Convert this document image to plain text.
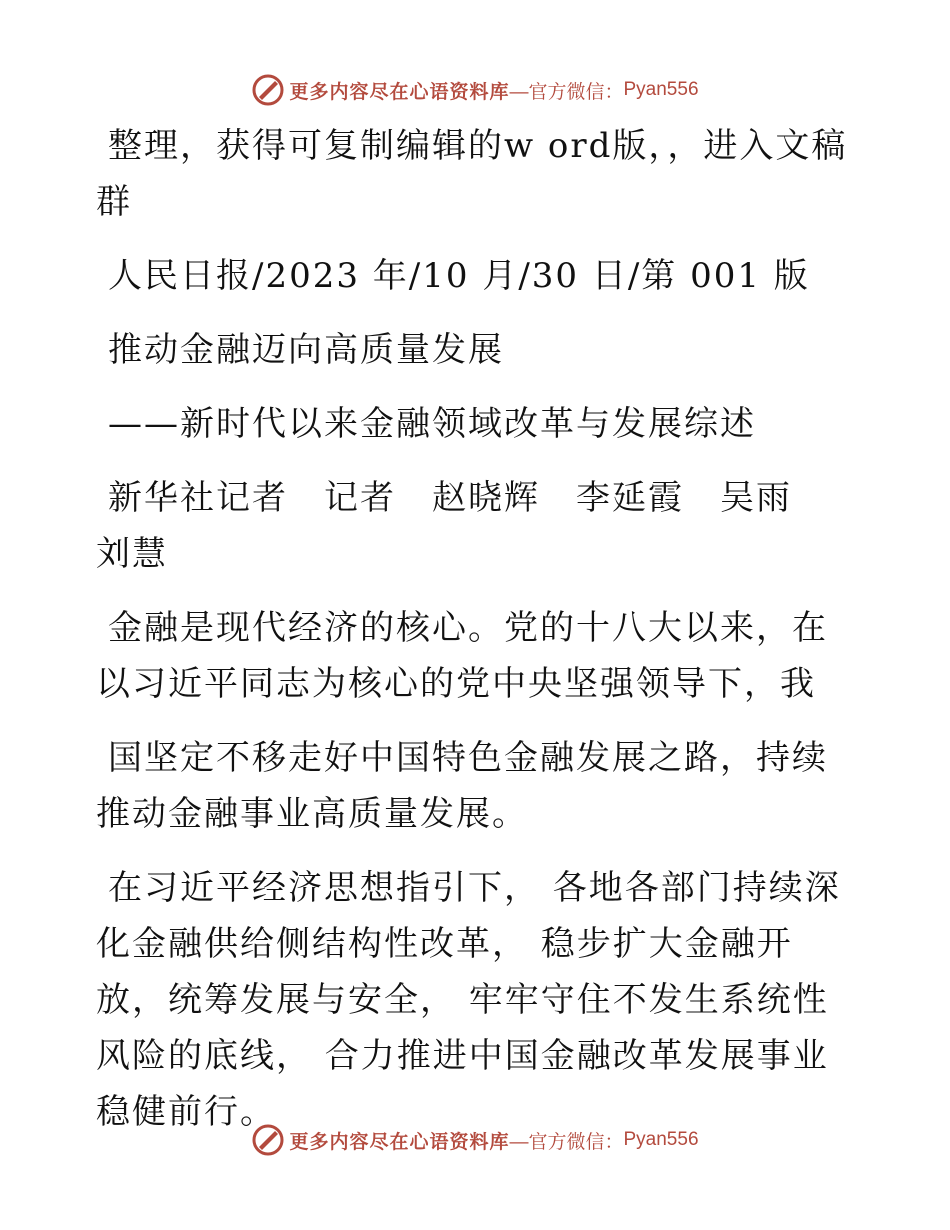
更多内容尽在心语资料库 —官方微信： Pyan556

整理，获得可复制编辑的w ord版，，进入文稿群

人民日报/2023 年/10 月/30 日/第 001 版

推动金融迈向高质量发展

——新时代以来金融领域改革与发展综述

新华社记者　记者　赵晓辉　李延霞　吴雨　刘慧

金融是现代经济的核心。党的十八大以来，在以习近平同志为核心的党中央坚强领导下，我

国坚定不移走好中国特色金融发展之路，持续推动金融事业高质量发展。

在习近平经济思想指引下， 各地各部门持续深化金融供给侧结构性改革， 稳步扩大金融开放，统筹发展与安全， 牢牢守住不发生系统性风险的底线， 合力推进中国金融改革发展事业稳健前行。

更多内容尽在心语资料库 —官方微信： Pyan556
